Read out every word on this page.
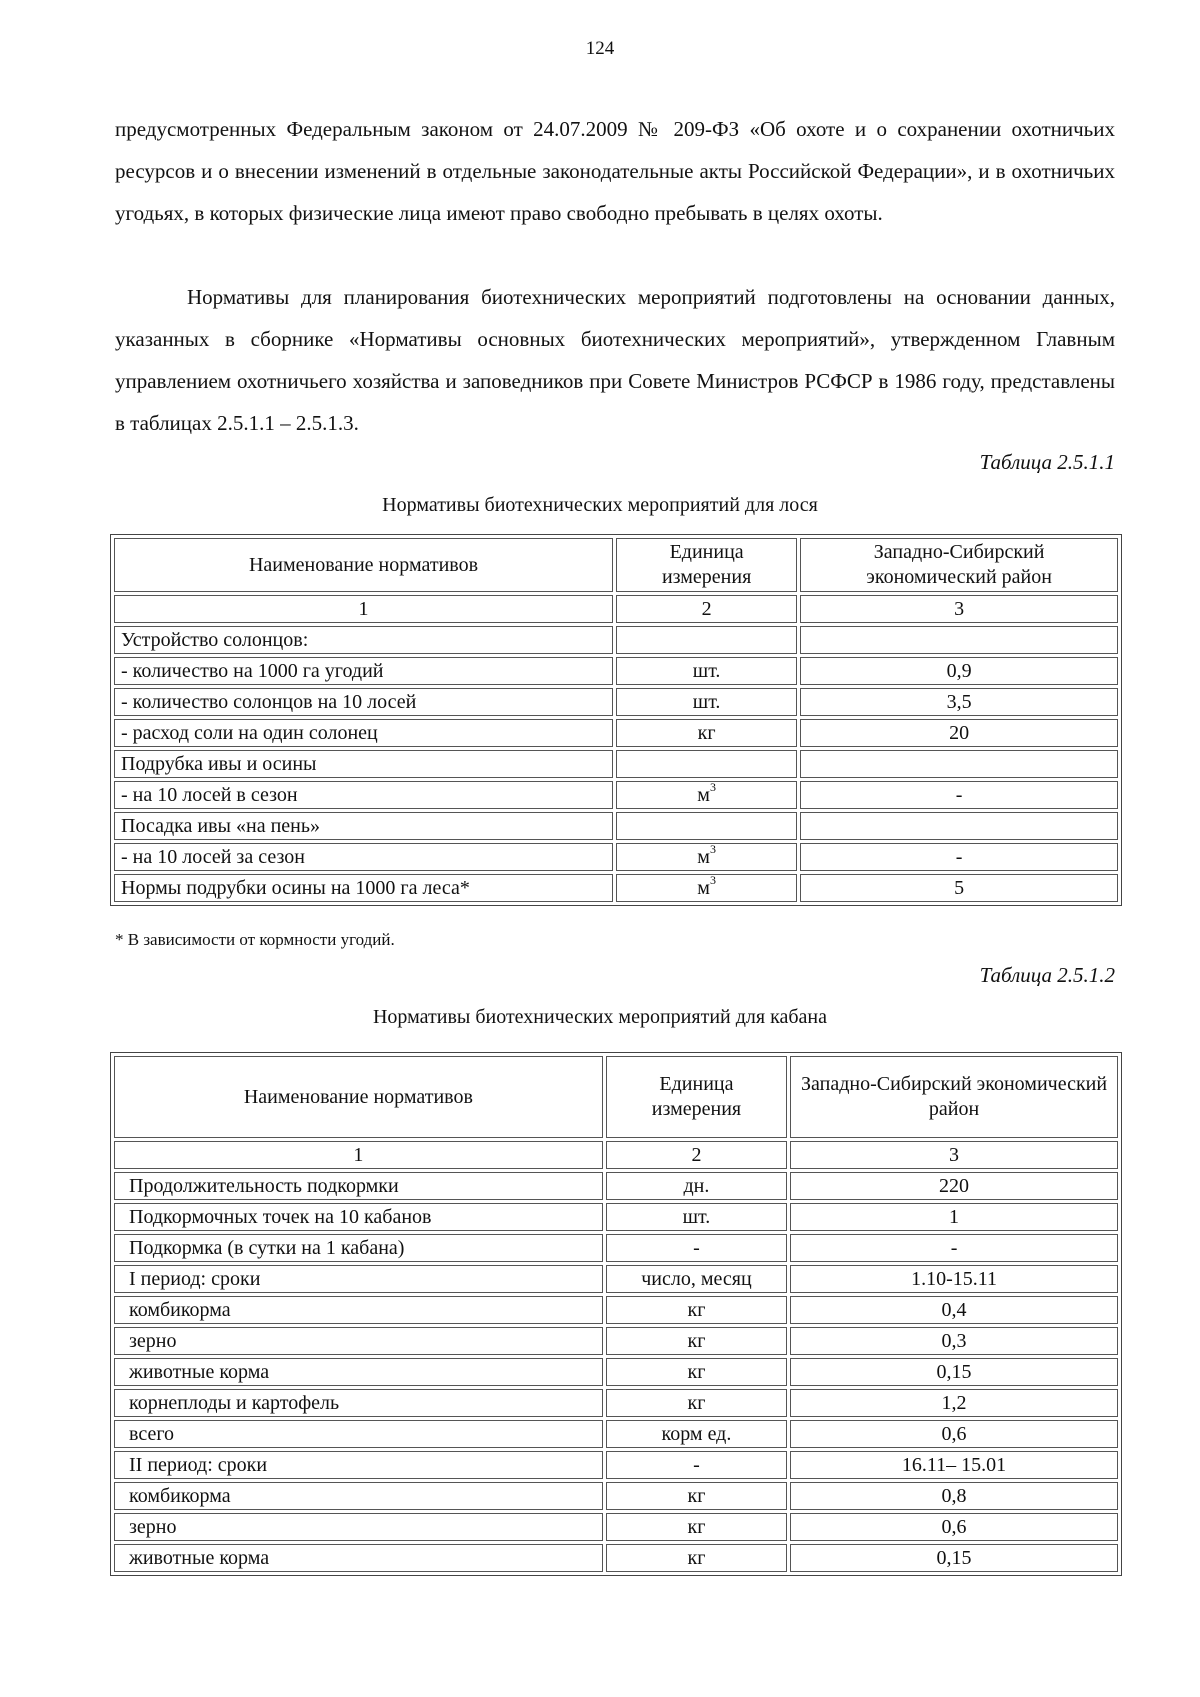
124

предусмотренных Федеральным законом от 24.07.2009 № 209-ФЗ «Об охоте и о сохранении охотничьих ресурсов и о внесении изменений в отдельные законодательные акты Российской Федерации», и в охотничьих угодьях, в которых физические лица имеют право свободно пребывать в целях охоты.

Нормативы для планирования биотехнических мероприятий подготовлены на основании данных, указанных в сборнике «Нормативы основных биотехнических мероприятий», утвержденном Главным управлением охотничьего хозяйства и заповедников при Совете Министров РСФСР в 1986 году, представлены в таблицах 2.5.1.1 – 2.5.1.3.

Таблица 2.5.1.1
Нормативы биотехнических мероприятий для лося
Наименование нормативов	Единица измерения	Западно-Сибирский экономический район
1	2	3
Устройство солонцов:		
- количество на 1000 га угодий	шт.	0,9
- количество солонцов на 10 лосей	шт.	3,5
- расход соли на один солонец	кг	20
Подрубка ивы и осины		
- на 10 лосей в сезон	$м^3$	-
Посадка ивы «на пень»		
- на 10 лосей за сезон	$м^3$	-
Нормы подрубки осины на 1000 га леса*	$м^3$	5
* В зависимости от кормности угодий.
Таблица 2.5.1.2
Нормативы биотехнических мероприятий для кабана
Наименование нормативов	Единица измерения	Западно-Сибирский экономический район
1	2	3
Продолжительность подкормки	дн.	220
Подкормочных точек на 10 кабанов	шт.	1
Подкормка (в сутки на 1 кабана)	-	-
I период: сроки	число, месяц	1.10-15.11
комбикорма	кг	0,4
зерно	кг	0,3
животные корма	кг	0,15
корнеплоды и картофель	кг	1,2
всего	корм ед.	0,6
II период: сроки	-	16.11– 15.01
комбикорма	кг	0,8
зерно	кг	0,6
животные корма	кг	0,15
